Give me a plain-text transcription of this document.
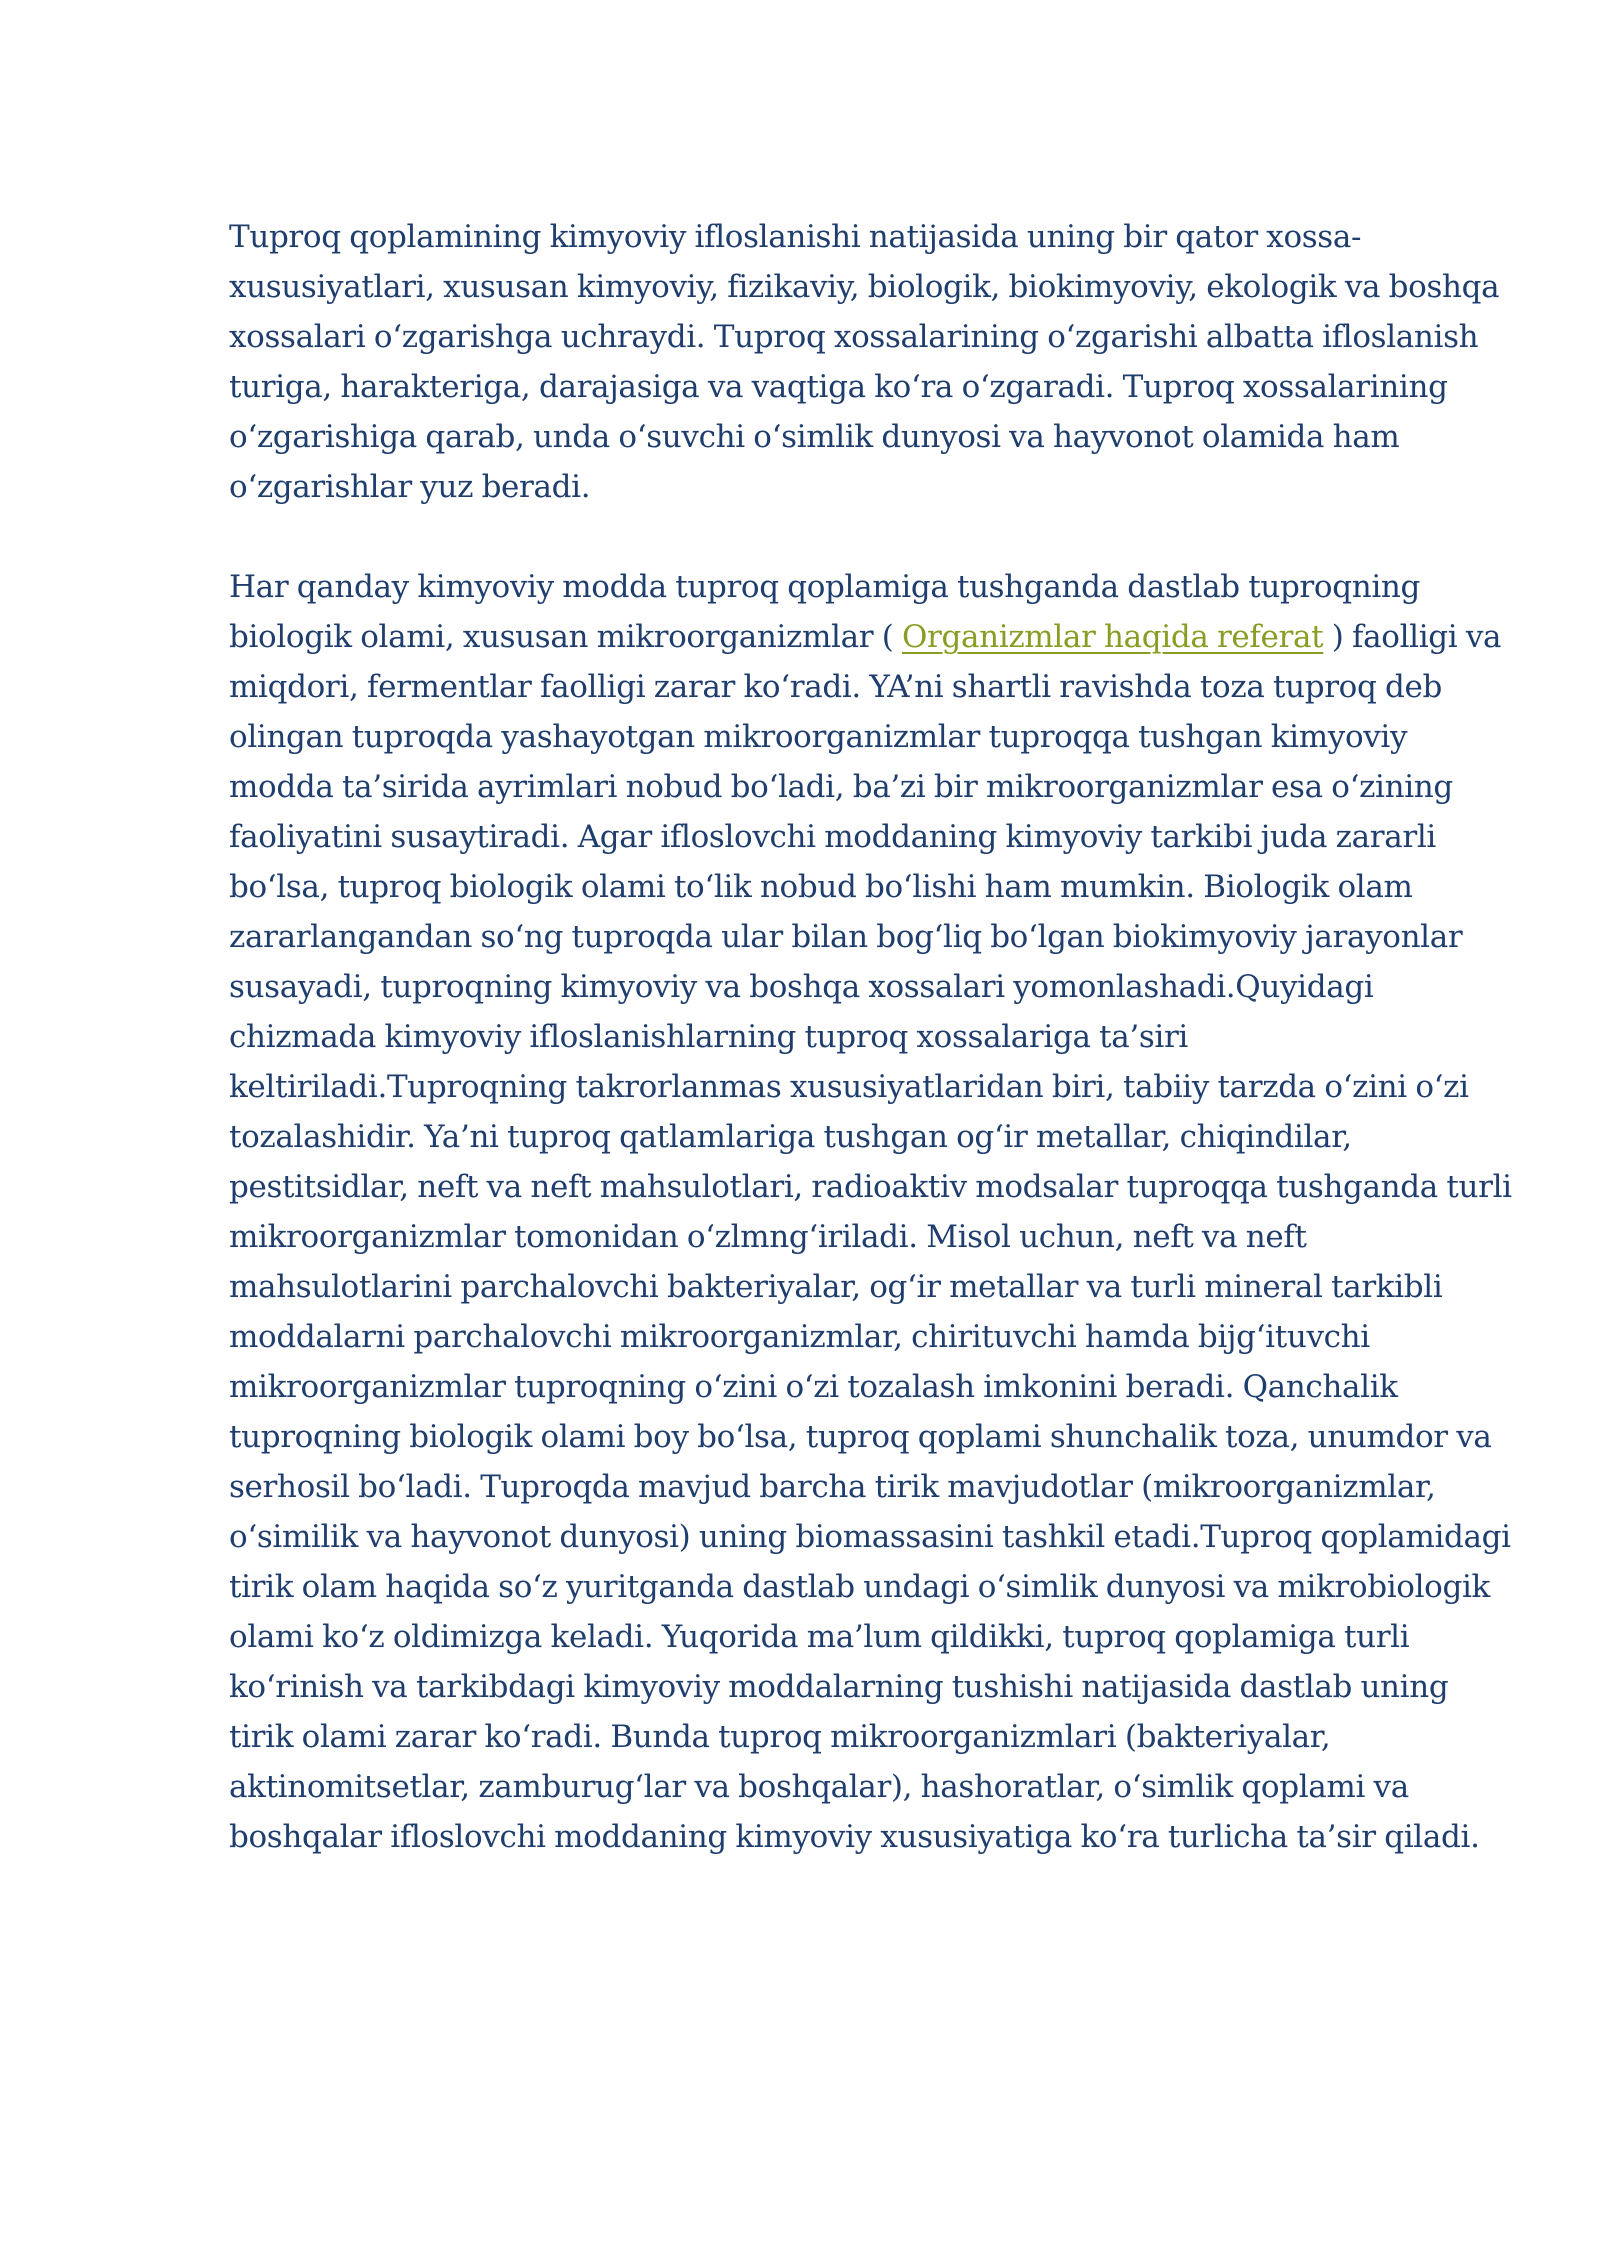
Tuproq qoplamining kimyoviy ifloslanishi natijasida uning bir qator xossa-xususiyatlari, xususan kimyoviy, fizikaviy, biologik, biokimyoviy, ekologik va boshqa xossalari o‘zgarishga uchraydi. Tuproq xossalarining o‘zgarishi albatta ifloslanish turiga, harakteriga, darajasiga va vaqtiga ko‘ra o‘zgaradi. Tuproq xossalarining o‘zgarishiga qarab, unda o‘suvchi o‘simlik dunyosi va hayvonot olamida ham o‘zgarishlar yuz beradi.

Har qanday kimyoviy modda tuproq qoplamiga tushganda dastlab tuproqning biologik olami, xususan mikroorganizmlar ( Organizmlar haqida referat ) faolligi va miqdori, fermentlar faolligi zarar ko‘radi. YA’ni shartli ravishda toza tuproq deb olingan tuproqda yashayotgan mikroorganizmlar tuproqqa tushgan kimyoviy modda ta’sirida ayrimlari nobud bo‘ladi, ba’zi bir mikroorganizmlar esa o‘zining faoliyatini susaytiradi. Agar ifloslovchi moddaning kimyoviy tarkibi juda zararli bo‘lsa, tuproq biologik olami to‘lik nobud bo‘lishi ham mumkin. Biologik olam zararlangandan so‘ng tuproqda ular bilan bog‘liq bo‘lgan biokimyoviy jarayonlar susayadi, tuproqning kimyoviy va boshqa xossalari yomonlashadi.Quyidagi chizmada kimyoviy ifloslanishlarning tuproq xossalariga ta’siri keltiriladi.Tuproqning takrorlanmas xususiyatlaridan biri, tabiiy tarzda o‘zini o‘zi tozalashidir. Ya’ni tuproq qatlamlariga tushgan og‘ir metallar, chiqindilar, pestitsidlar, neft va neft mahsulotlari, radioaktiv modsalar tuproqqa tushganda turli mikroorganizmlar tomonidan o‘zlmng‘iriladi. Misol uchun, neft va neft mahsulotlarini parchalovchi bakteriyalar, og‘ir metallar va turli mineral tarkibli moddalarni parchalovchi mikroorganizmlar, chirituvchi hamda bijg‘ituvchi mikroorganizmlar tuproqning o‘zini o‘zi tozalash imkonini beradi. Qanchalik tuproqning biologik olami boy bo‘lsa, tuproq qoplami shunchalik toza, unumdor va serhosil bo‘ladi. Tuproqda mavjud barcha tirik mavjudotlar (mikroorganizmlar, o‘similik va hayvonot dunyosi) uning biomassasini tashkil etadi.Tuproq qoplamidagi tirik olam haqida so‘z yuritganda dastlab undagi o‘simlik dunyosi va mikrobiologik olami ko‘z oldimizga keladi. Yuqorida ma’lum qildikki, tuproq qoplamiga turli ko‘rinish va tarkibdagi kimyoviy moddalarning tushishi natijasida dastlab uning tirik olami zarar ko‘radi. Bunda tuproq mikroorganizmlari (bakteriyalar, aktinomitsetlar, zamburug‘lar va boshqalar), hashoratlar, o‘simlik qoplami va boshqalar ifloslovchi moddaning kimyoviy xususiyatiga ko‘ra turlicha ta’sir qiladi.
